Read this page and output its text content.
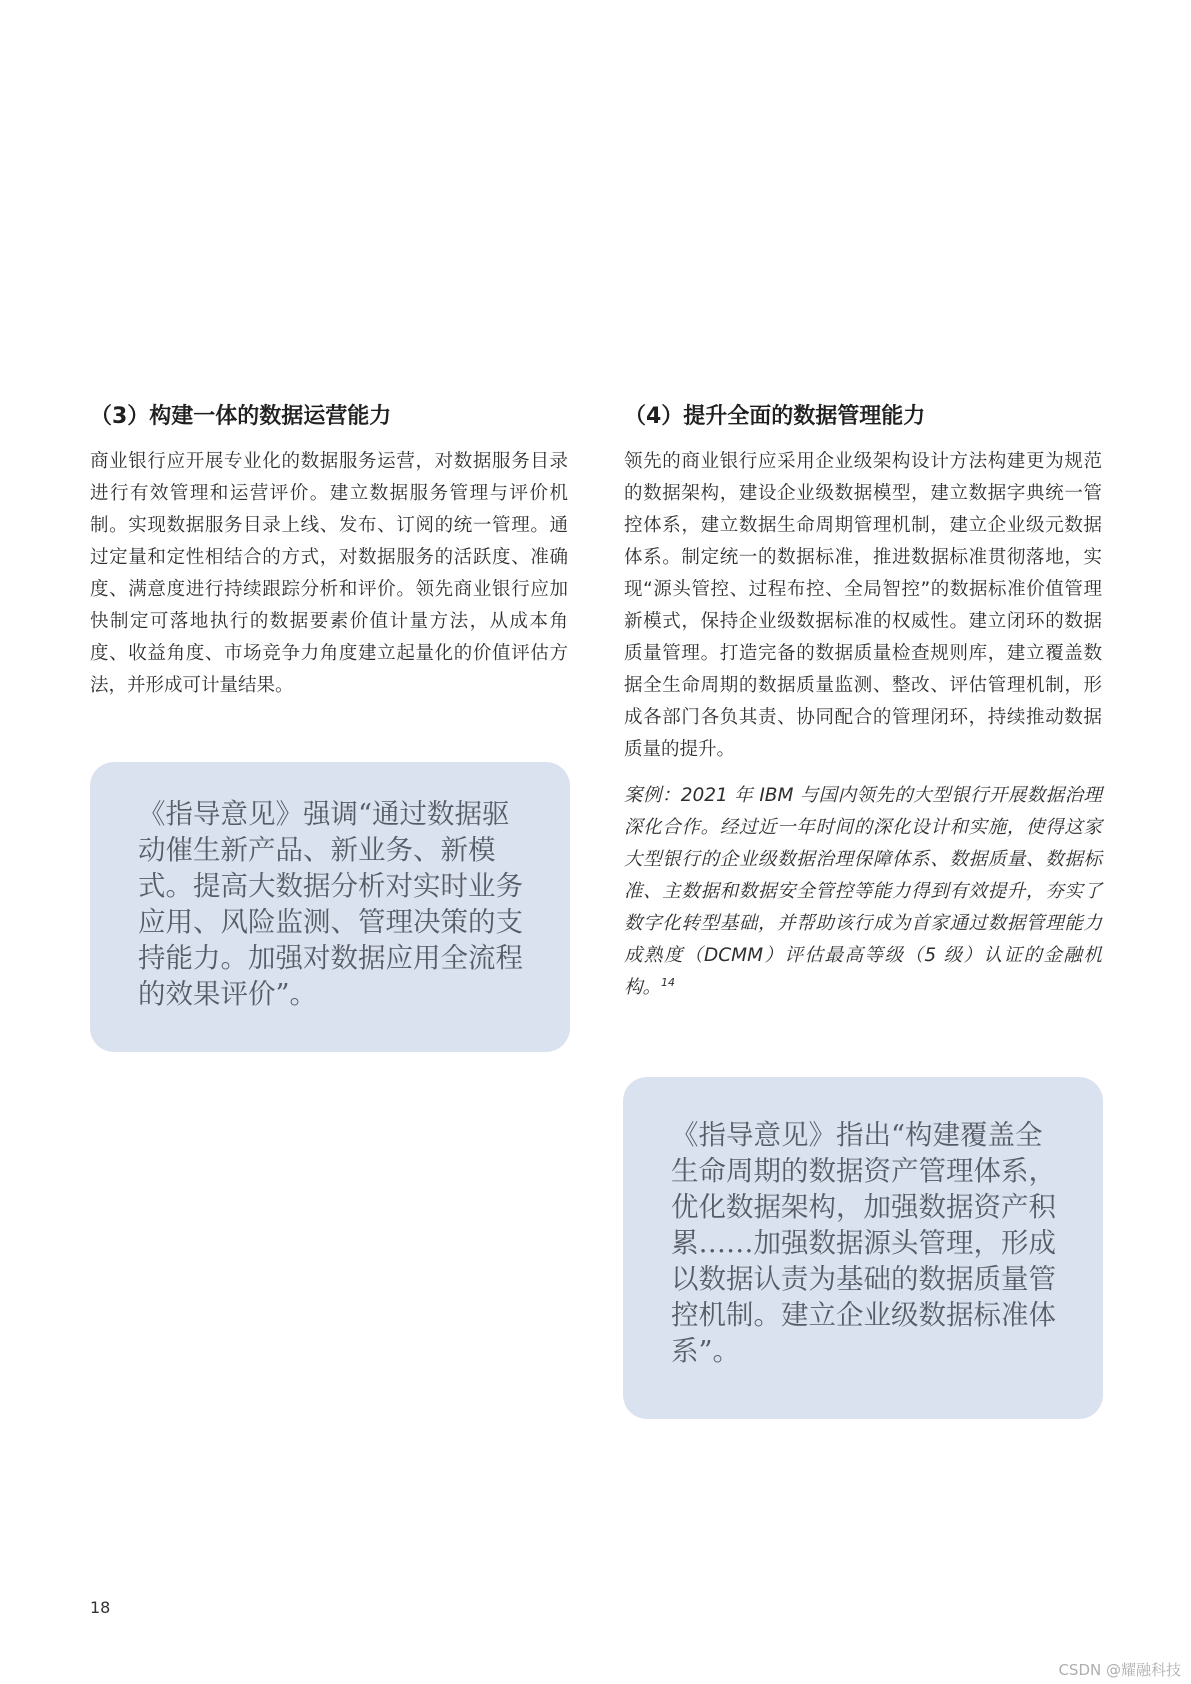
（3）构建一体的数据运营能力

商业银行应开展专业化的数据服务运营，对数据服务目录进行有效管理和运营评价。建立数据服务管理与评价机制。实现数据服务目录上线、发布、订阅的统一管理。通过定量和定性相结合的方式，对数据服务的活跃度、准确度、满意度进行持续跟踪分析和评价。领先商业银行应加快制定可落地执行的数据要素价值计量方法，从成本角度、收益角度、市场竞争力角度建立起量化的价值评估方法，并形成可计量结果。

（4）提升全面的数据管理能力

领先的商业银行应采用企业级架构设计方法构建更为规范的数据架构，建设企业级数据模型，建立数据字典统一管控体系，建立数据生命周期管理机制，建立企业级元数据体系。制定统一的数据标准，推进数据标准贯彻落地，实现“源头管控、过程布控、全局智控”的数据标准价值管理新模式，保持企业级数据标准的权威性。建立闭环的数据质量管理。打造完备的数据质量检查规则库，建立覆盖数据全生命周期的数据质量监测、整改、评估管理机制，形成各部门各负其责、协同配合的管理闭环，持续推动数据质量的提升。

案例：2021 年 IBM 与国内领先的大型银行开展数据治理深化合作。经过近一年时间的深化设计和实施，使得这家大型银行的企业级数据治理保障体系、数据质量、数据标准、主数据和数据安全管控等能力得到有效提升，夯实了数字化转型基础，并帮助该行成为首家通过数据管理能力成熟度（DCMM）评估最高等级（5 级）认证的金融机构。$^{14}$

《指导意见》强调“通过数据驱动催生新产品、新业务、新模式。提高大数据分析对实时业务应用、风险监测、管理决策的支持能力。加强对数据应用全流程的效果评价”。
《指导意见》指出“构建覆盖全生命周期的数据资产管理体系，优化数据架构，加强数据资产积累……加强数据源头管理，形成以数据认责为基础的数据质量管控机制。建立企业级数据标准体系”。
18
CSDN @耀融科技
